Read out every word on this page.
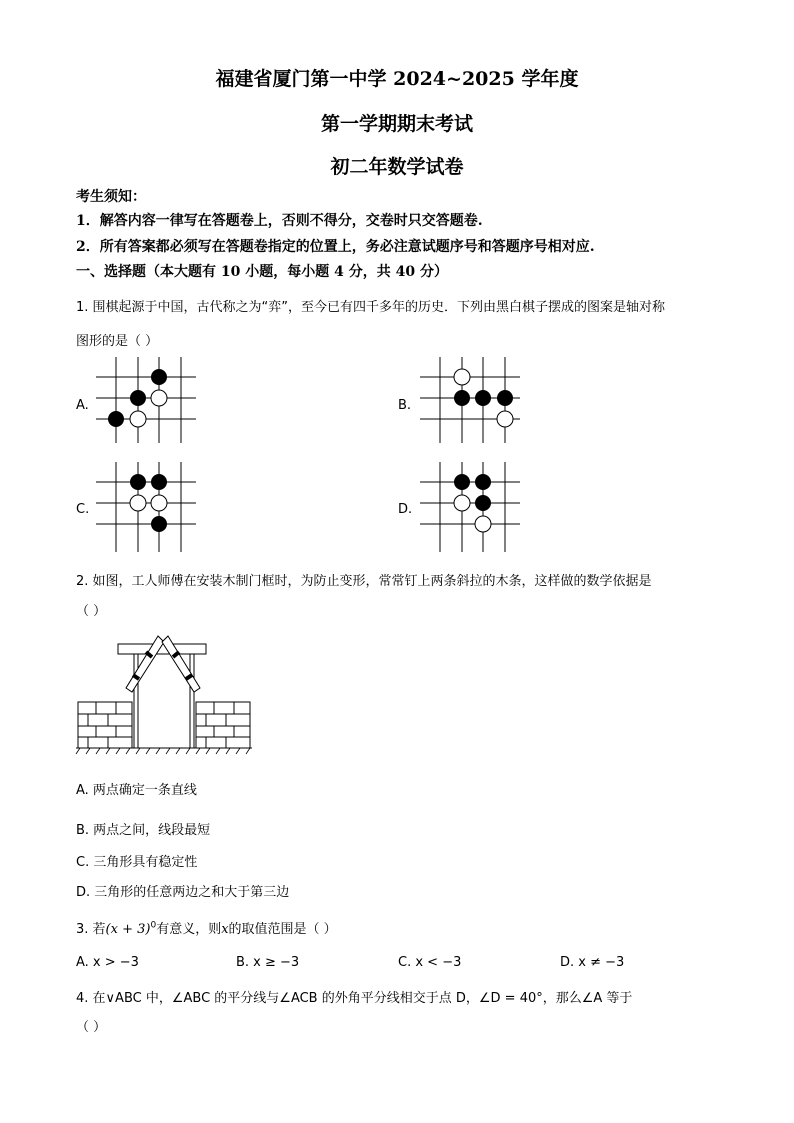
福建省厦门第一中学 2024~2025 学年度
第一学期期末考试
初二年数学试卷
考生须知：
1．解答内容一律写在答题卷上，否则不得分，交卷时只交答题卷.
2．所有答案都必须写在答题卷指定的位置上，务必注意试题序号和答题序号相对应.
一、选择题（本大题有 10 小题，每小题 4 分，共 40 分）
1. 围棋起源于中国，古代称之为“弈”，至今已有四千多年的历史．下列由黑白棋子摆成的图案是轴对称
图形的是（ ）
A.	B.
C.	D.
2. 如图，工人师傅在安装木制门框时，为防止变形，常常钉上两条斜拉的木条，这样做的数学依据是
（ ）
A. 两点确定一条直线
B. 两点之间，线段最短
C. 三角形具有稳定性
D. 三角形的任意两边之和大于第三边
3. 若$(x + 3)^0$有意义，则x的取值范围是（ ）
A. x > −3	B. x ≥ −3	C. x < −3	D. x ≠ −3
4. 在∨ABC 中，∠ABC 的平分线与∠ACB 的外角平分线相交于点 D，∠D = 40°，那么∠A 等于
（ ）
